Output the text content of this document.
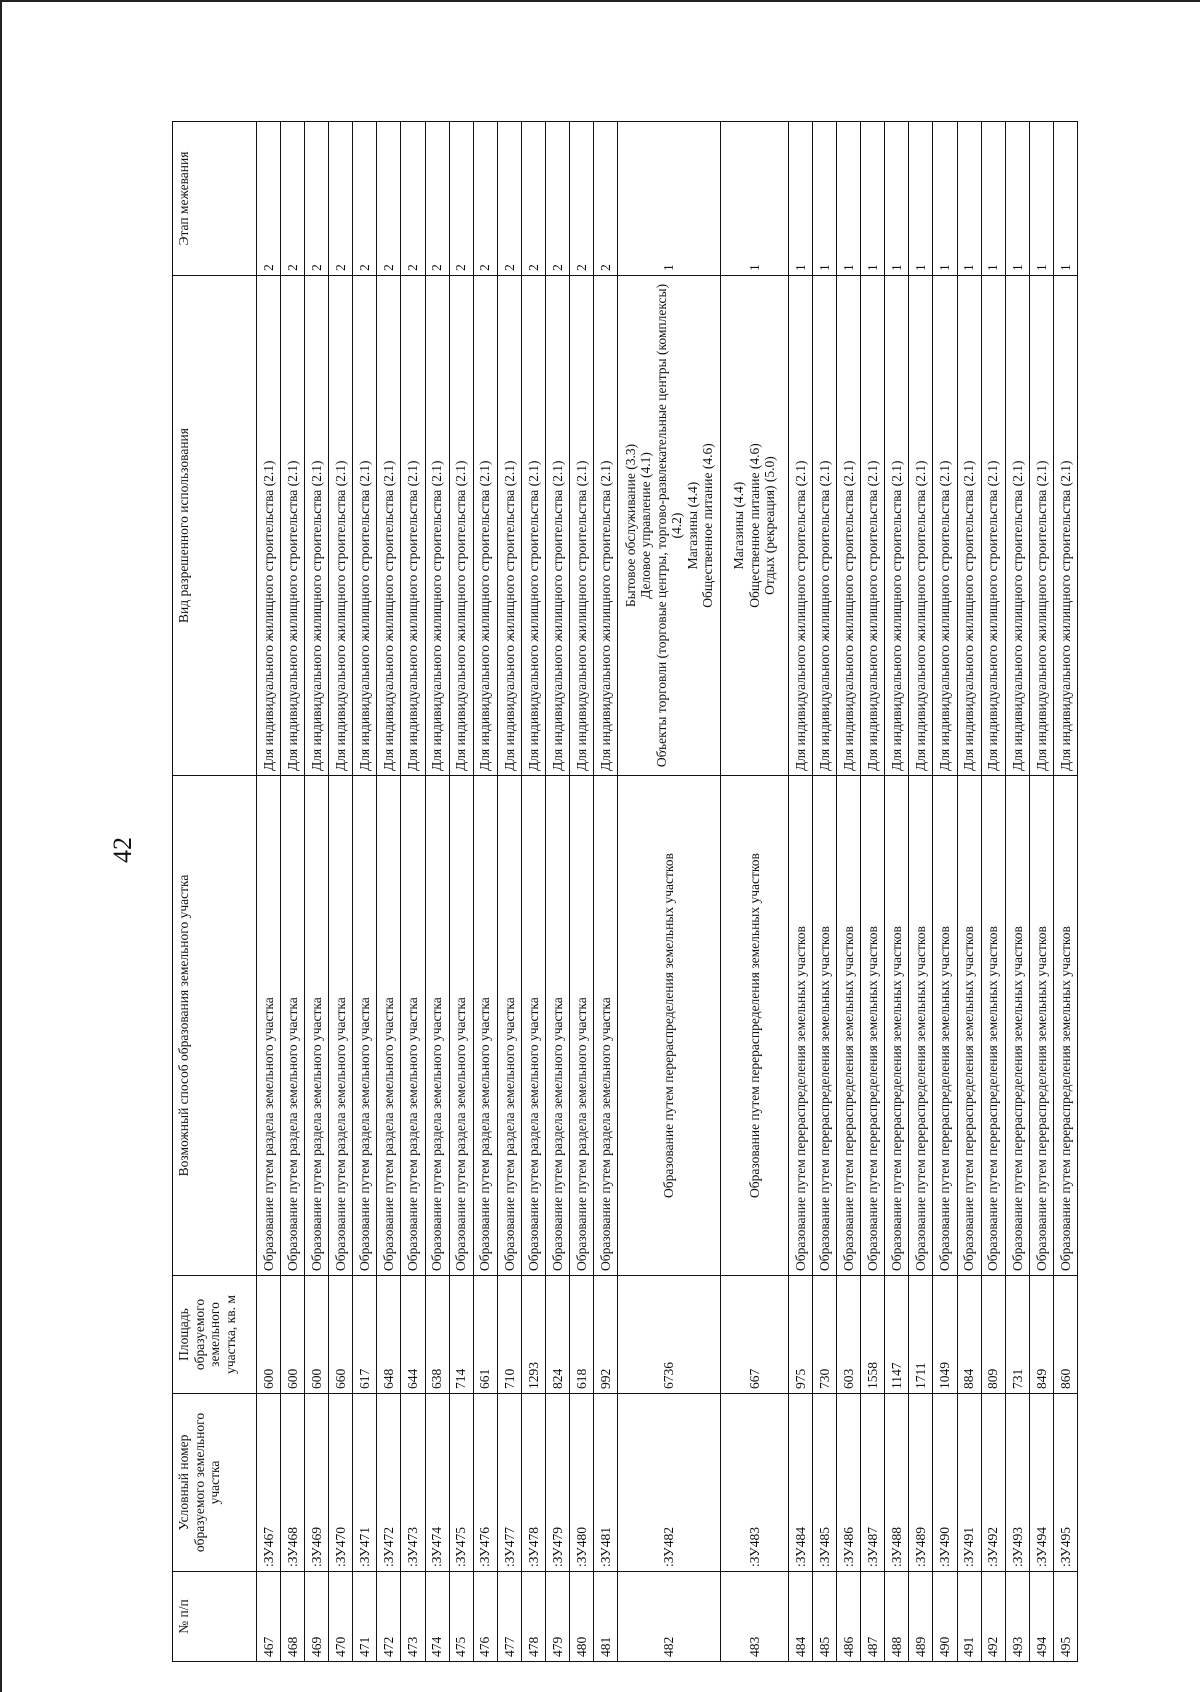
42
№ п/п	Условный номер образуемого земельного участка	Площадь образуемого земельного участка, кв. м	Возможный способ образования земельного участка	Вид разрешенного использования	Этап межевания
467	:ЗУ467	600	Образование путем раздела земельного участка	Для индивидуального жилищного строительства (2.1)	2
468	:ЗУ468	600	Образование путем раздела земельного участка	Для индивидуального жилищного строительства (2.1)	2
469	:ЗУ469	600	Образование путем раздела земельного участка	Для индивидуального жилищного строительства (2.1)	2
470	:ЗУ470	660	Образование путем раздела земельного участка	Для индивидуального жилищного строительства (2.1)	2
471	:ЗУ471	617	Образование путем раздела земельного участка	Для индивидуального жилищного строительства (2.1)	2
472	:ЗУ472	648	Образование путем раздела земельного участка	Для индивидуального жилищного строительства (2.1)	2
473	:ЗУ473	644	Образование путем раздела земельного участка	Для индивидуального жилищного строительства (2.1)	2
474	:ЗУ474	638	Образование путем раздела земельного участка	Для индивидуального жилищного строительства (2.1)	2
475	:ЗУ475	714	Образование путем раздела земельного участка	Для индивидуального жилищного строительства (2.1)	2
476	:ЗУ476	661	Образование путем раздела земельного участка	Для индивидуального жилищного строительства (2.1)	2
477	:ЗУ477	710	Образование путем раздела земельного участка	Для индивидуального жилищного строительства (2.1)	2
478	:ЗУ478	1293	Образование путем раздела земельного участка	Для индивидуального жилищного строительства (2.1)	2
479	:ЗУ479	824	Образование путем раздела земельного участка	Для индивидуального жилищного строительства (2.1)	2
480	:ЗУ480	618	Образование путем раздела земельного участка	Для индивидуального жилищного строительства (2.1)	2
481	:ЗУ481	992	Образование путем раздела земельного участка	Для индивидуального жилищного строительства (2.1)	2
482	:ЗУ482	6736	Образование путем перераспределения земельных участков	Бытовое обслуживание (3.3) Деловое управление (4.1) Объекты торговли (торговые центры, торгово-развлекательные центры (комплексы) (4.2) Магазины (4.4) Общественное питание (4.6)	1
483	:ЗУ483	667	Образование путем перераспределения земельных участков	Магазины (4.4) Общественное питание (4.6) Отдых (рекреация) (5.0)	1
484	:ЗУ484	975	Образование путем перераспределения земельных участков	Для индивидуального жилищного строительства (2.1)	1
485	:ЗУ485	730	Образование путем перераспределения земельных участков	Для индивидуального жилищного строительства (2.1)	1
486	:ЗУ486	603	Образование путем перераспределения земельных участков	Для индивидуального жилищного строительства (2.1)	1
487	:ЗУ487	1558	Образование путем перераспределения земельных участков	Для индивидуального жилищного строительства (2.1)	1
488	:ЗУ488	1147	Образование путем перераспределения земельных участков	Для индивидуального жилищного строительства (2.1)	1
489	:ЗУ489	1711	Образование путем перераспределения земельных участков	Для индивидуального жилищного строительства (2.1)	1
490	:ЗУ490	1049	Образование путем перераспределения земельных участков	Для индивидуального жилищного строительства (2.1)	1
491	:ЗУ491	884	Образование путем перераспределения земельных участков	Для индивидуального жилищного строительства (2.1)	1
492	:ЗУ492	809	Образование путем перераспределения земельных участков	Для индивидуального жилищного строительства (2.1)	1
493	:ЗУ493	731	Образование путем перераспределения земельных участков	Для индивидуального жилищного строительства (2.1)	1
494	:ЗУ494	849	Образование путем перераспределения земельных участков	Для индивидуального жилищного строительства (2.1)	1
495	:ЗУ495	860	Образование путем перераспределения земельных участков	Для индивидуального жилищного строительства (2.1)	1
